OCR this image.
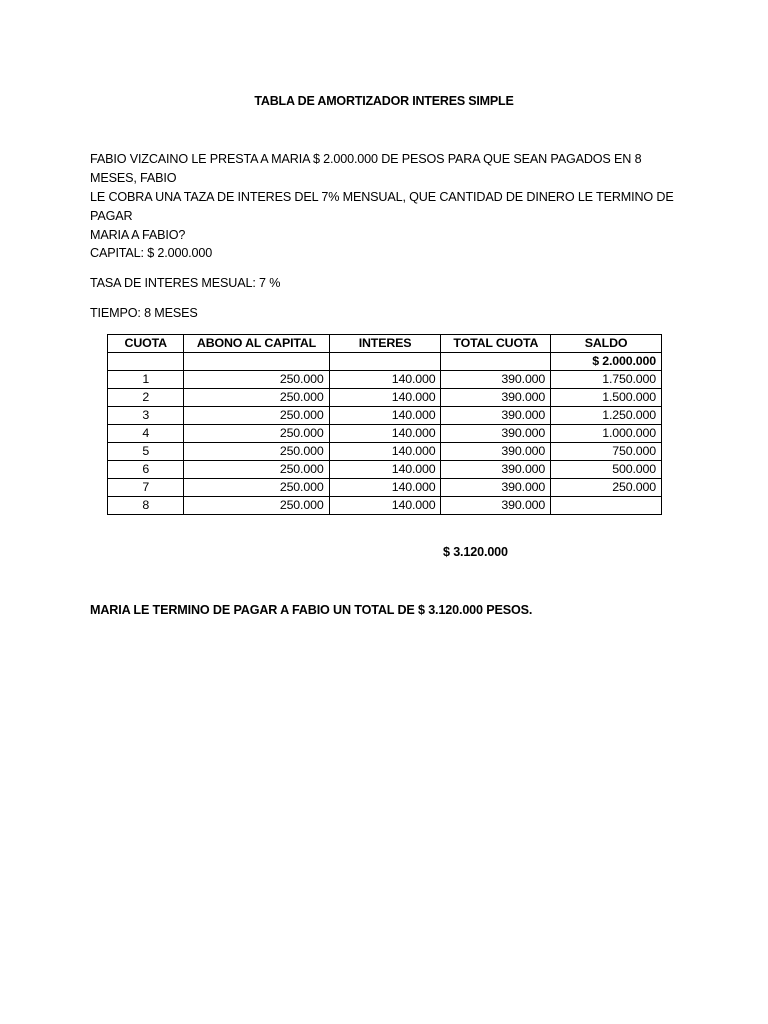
TABLA DE AMORTIZADOR INTERES SIMPLE
FABIO VIZCAINO LE PRESTA A MARIA $ 2.000.000 DE PESOS PARA QUE SEAN PAGADOS EN 8 MESES, FABIO
LE COBRA UNA TAZA DE INTERES DEL 7% MENSUAL, QUE CANTIDAD DE DINERO LE TERMINO DE PAGAR
MARIA A FABIO?
CAPITAL: $ 2.000.000
TASA DE INTERES MESUAL: 7 %
TIEMPO: 8 MESES
CUOTA	ABONO AL CAPITAL	INTERES	TOTAL CUOTA	SALDO
				$ 2.000.000
1	250.000	140.000	390.000	1.750.000
2	250.000	140.000	390.000	1.500.000
3	250.000	140.000	390.000	1.250.000
4	250.000	140.000	390.000	1.000.000
5	250.000	140.000	390.000	750.000
6	250.000	140.000	390.000	500.000
7	250.000	140.000	390.000	250.000
8	250.000	140.000	390.000	
$ 3.120.000
MARIA LE TERMINO DE PAGAR A FABIO UN TOTAL DE $ 3.120.000 PESOS.
